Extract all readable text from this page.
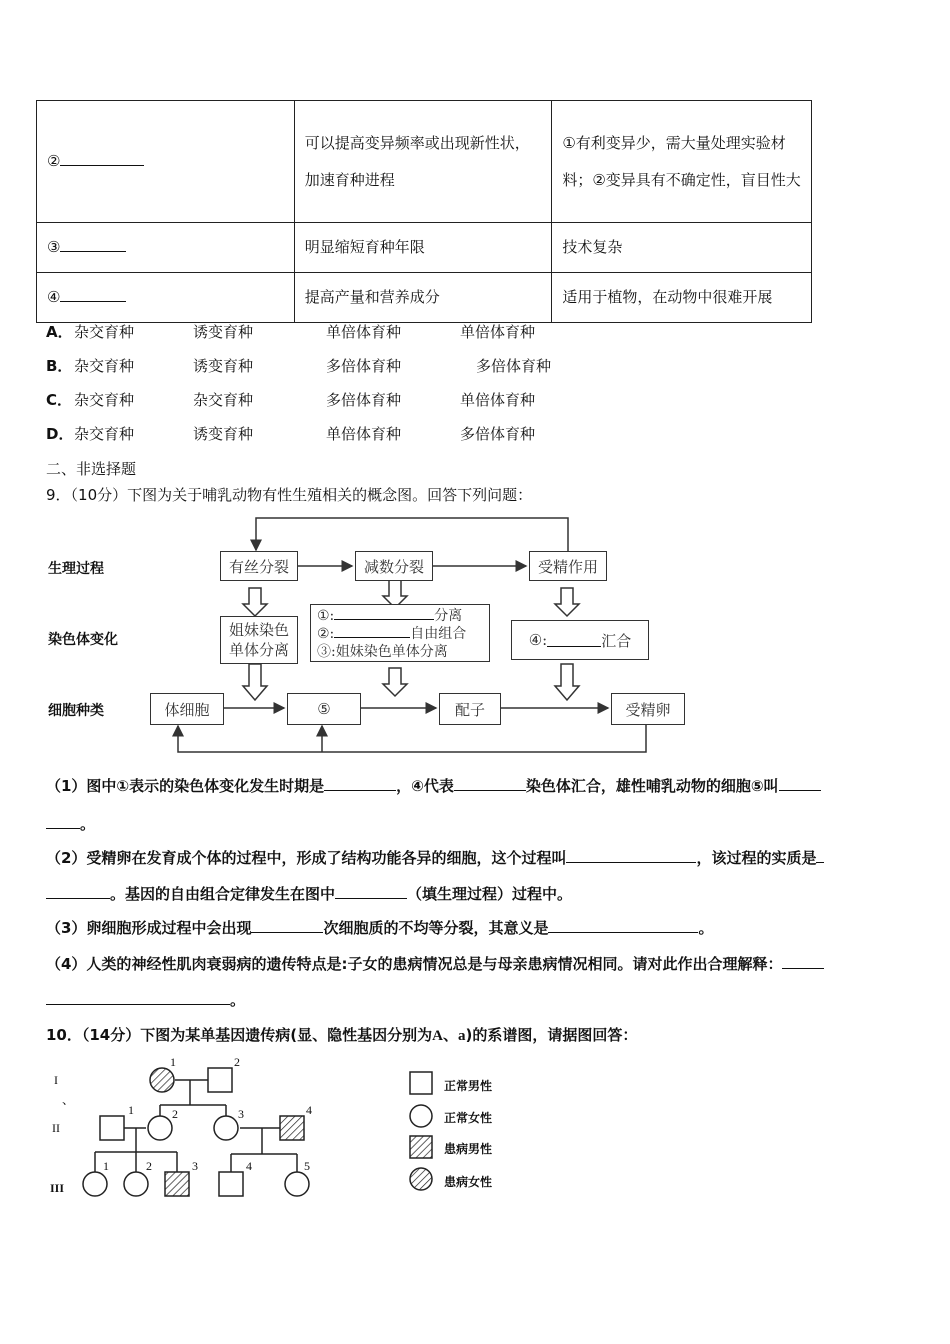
②	可以提高变异频率或出现新性状，加速育种进程	①有利变异少，需大量处理实验材料；②变异具有不确定性，盲目性大
③	明显缩短育种年限	技术复杂
④	提高产量和营养成分	适用于植物，在动物中很难开展
A． 杂交育种	诱变育种	单倍体育种	单倍体育种
B． 杂交育种	诱变育种	多倍体育种	多倍体育种
C． 杂交育种	杂交育种	多倍体育种	单倍体育种
D． 杂交育种	诱变育种	单倍体育种	多倍体育种
二、非选择题
9．（10分）下图为关于哺乳动物有性生殖相关的概念图。回答下列问题：
生理过程
染色体变化
细胞种类
有丝分裂	减数分裂	受精作用
姐妹染色
单体分离
①:	分离
②:	自由组合
③:姐妹染色单体分离
④:	汇合
体细胞	⑤	配子	受精卵
（1）图中①表示的染色体变化发生时期是	，④代表	染色体汇合，雄性哺乳动物的细胞⑤叫
。
（2）受精卵在发育成个体的过程中，形成了结构功能各异的细胞，这个过程叫	，该过程的实质是
。基因的自由组合定律发生在图中	（填生理过程）过程中。
（3）卵细胞形成过程中会出现	次细胞质的不均等分裂，其意义是	。
（4）人类的神经性肌肉衰弱病的遗传特点是:子女的患病情况总是与母亲患病情况相同。请对此作出合理解释：
。
10．（14分）下图为某单基因遗传病(显、隐性基因分别为A、a)的系谱图，请据图回答：
I
、
II
III
1	2
1	2	3	4
1	2	3	4	5
正常男性
正常女性
患病男性
患病女性
